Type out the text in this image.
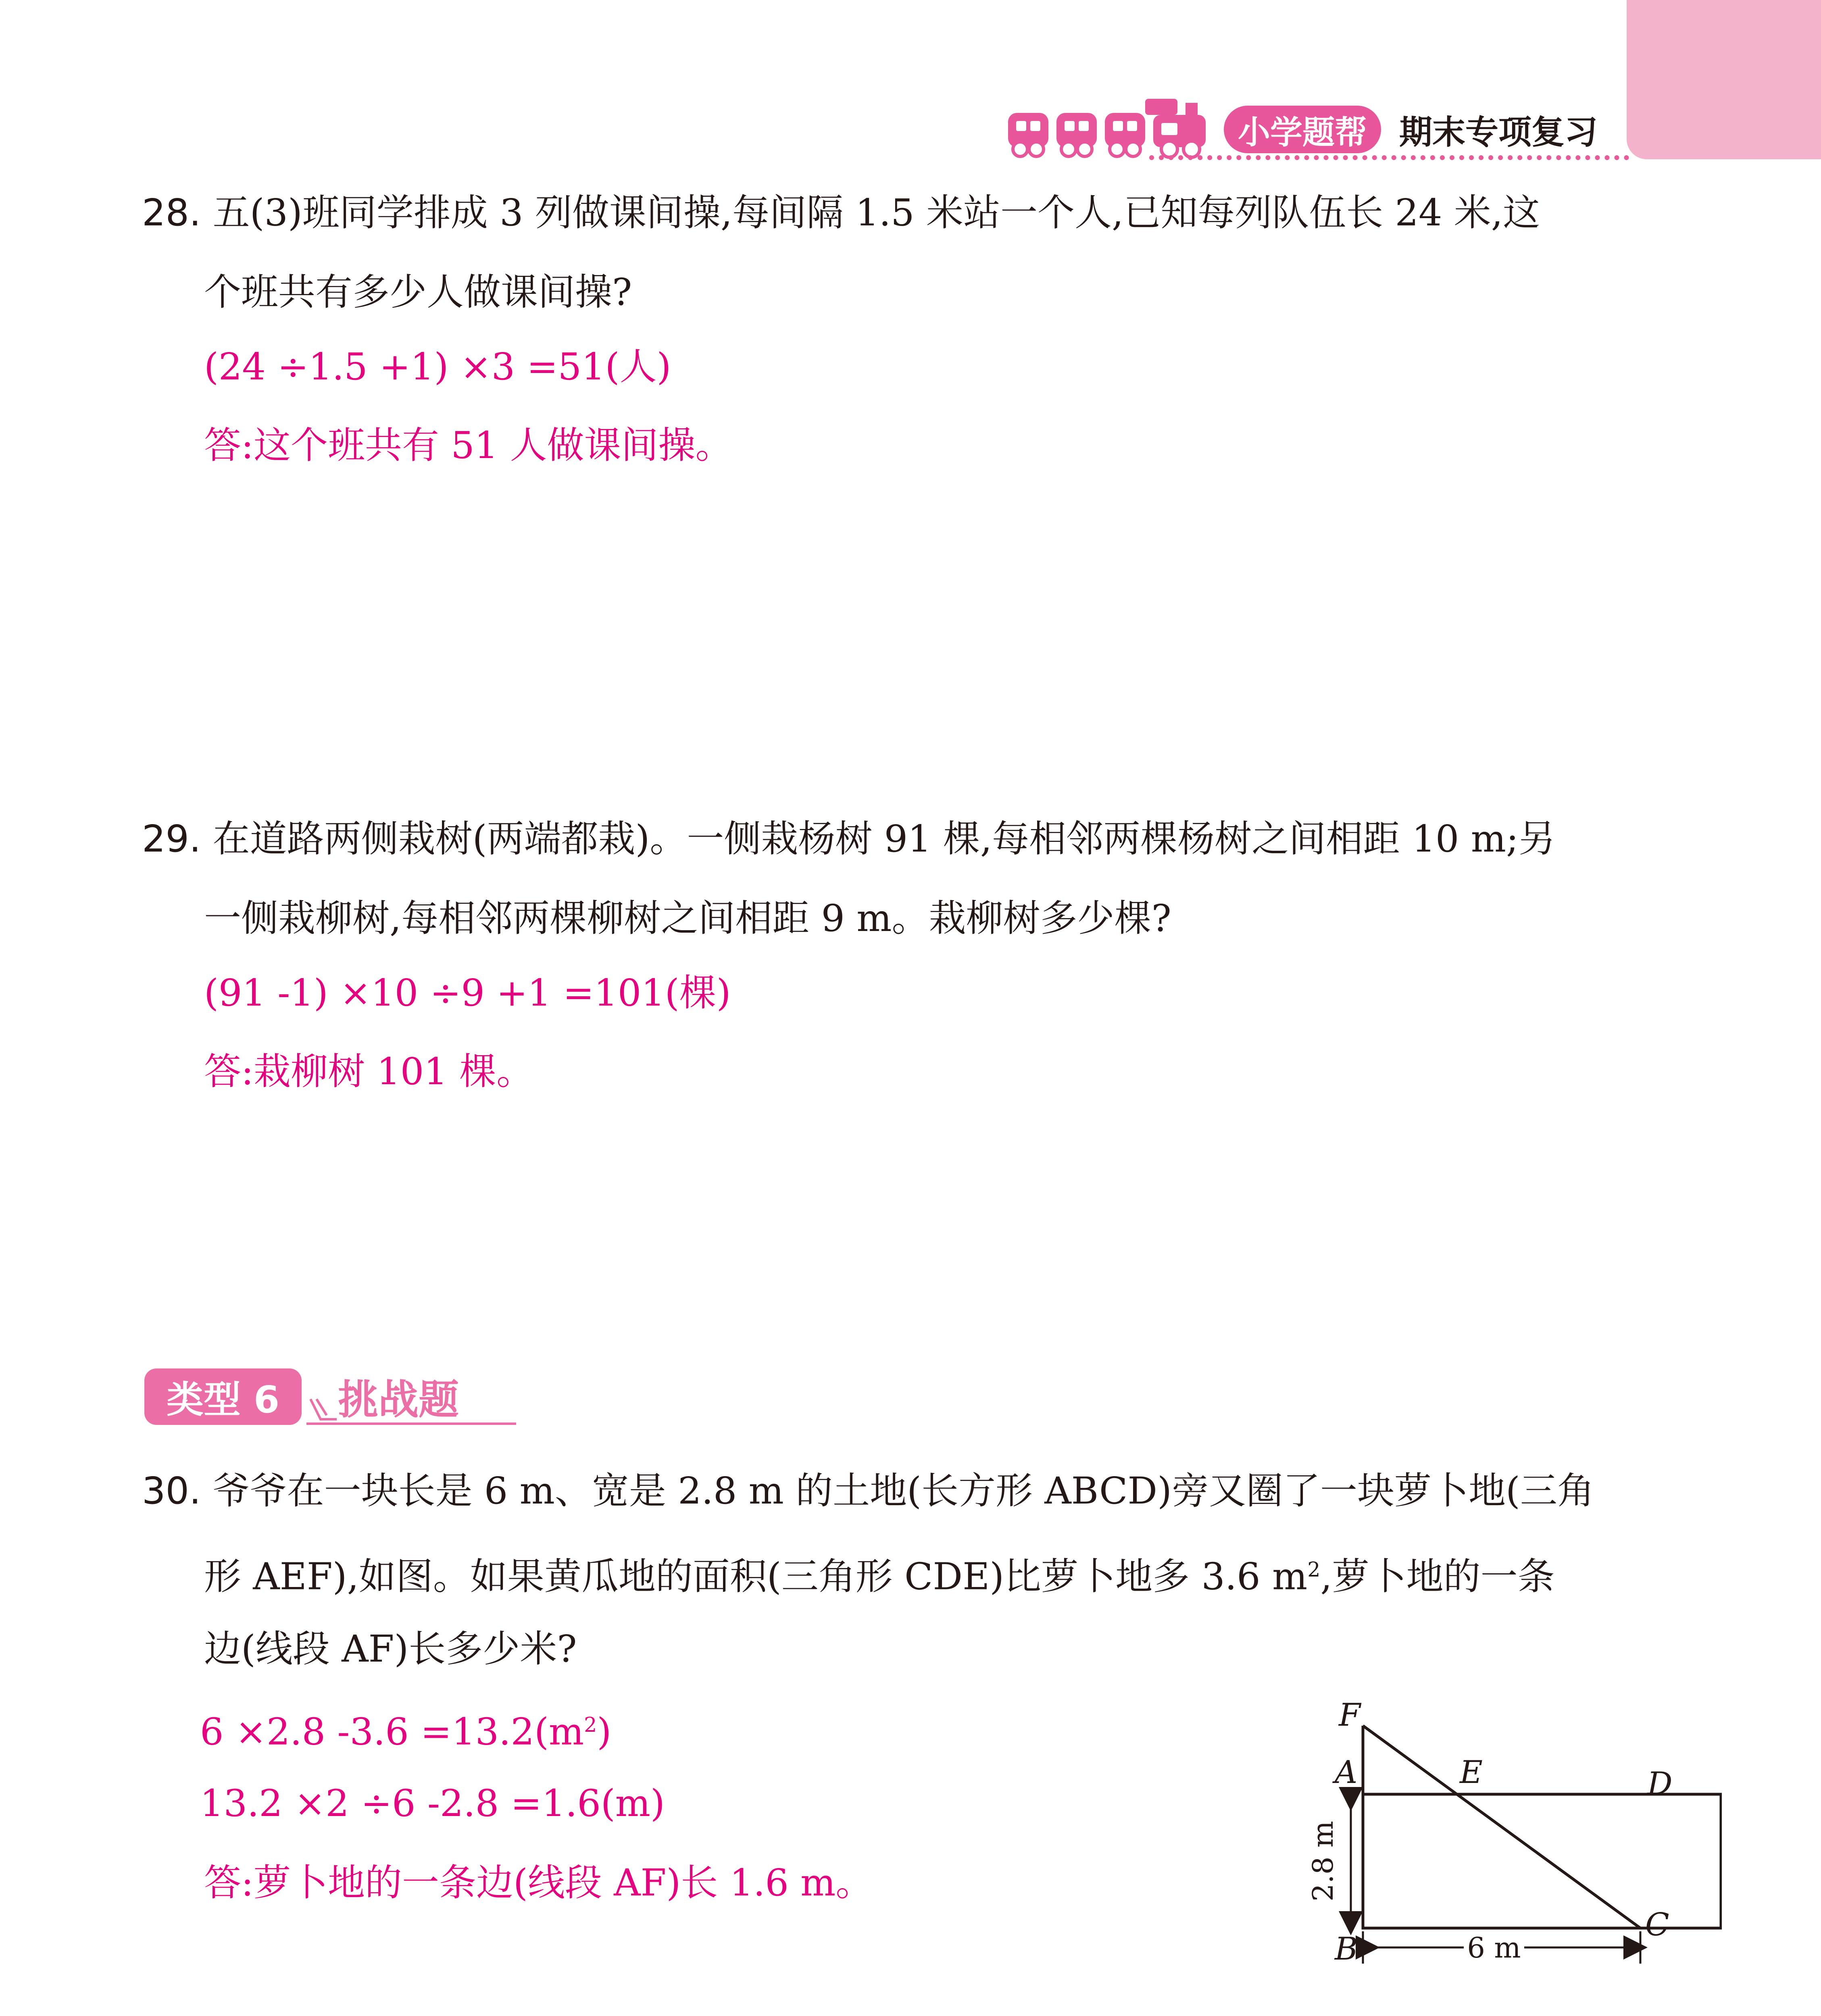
小学题帮 期末专项复习
28. 五(3)班同学排成 3 列做课间操,每间隔 1.5 米站一个人,已知每列队伍长 24 米,这
个班共有多少人做课间操?
(24 ÷1.5 +1) ×3 =51(人)
答:这个班共有 51 人做课间操。
29. 在道路两侧栽树(两端都栽)。一侧栽杨树 91 棵,每相邻两棵杨树之间相距 10 m;另
一侧栽柳树,每相邻两棵柳树之间相距 9 m。栽柳树多少棵?
(91 -1) ×10 ÷9 +1 =101(棵)
答:栽柳树 101 棵。
类型 6	挑战题
30. 爷爷在一块长是 6 m、宽是 2.8 m 的土地(长方形 ABCD)旁又圈了一块萝卜地(三角
形 AEF),如图。如果黄瓜地的面积(三角形 CDE)比萝卜地多 3.6 $m^2$,萝卜地的一条
边(线段 AF)长多少米?
6 ×2.8 $-3.6 =13.2(m^2)$
13.2 ×2 ÷6 -2.8 =1.6(m)
答:萝卜地的一条边(线段 AF)长 1.6 m。
F
A	E	D
B
C
6 m
2.8 m
